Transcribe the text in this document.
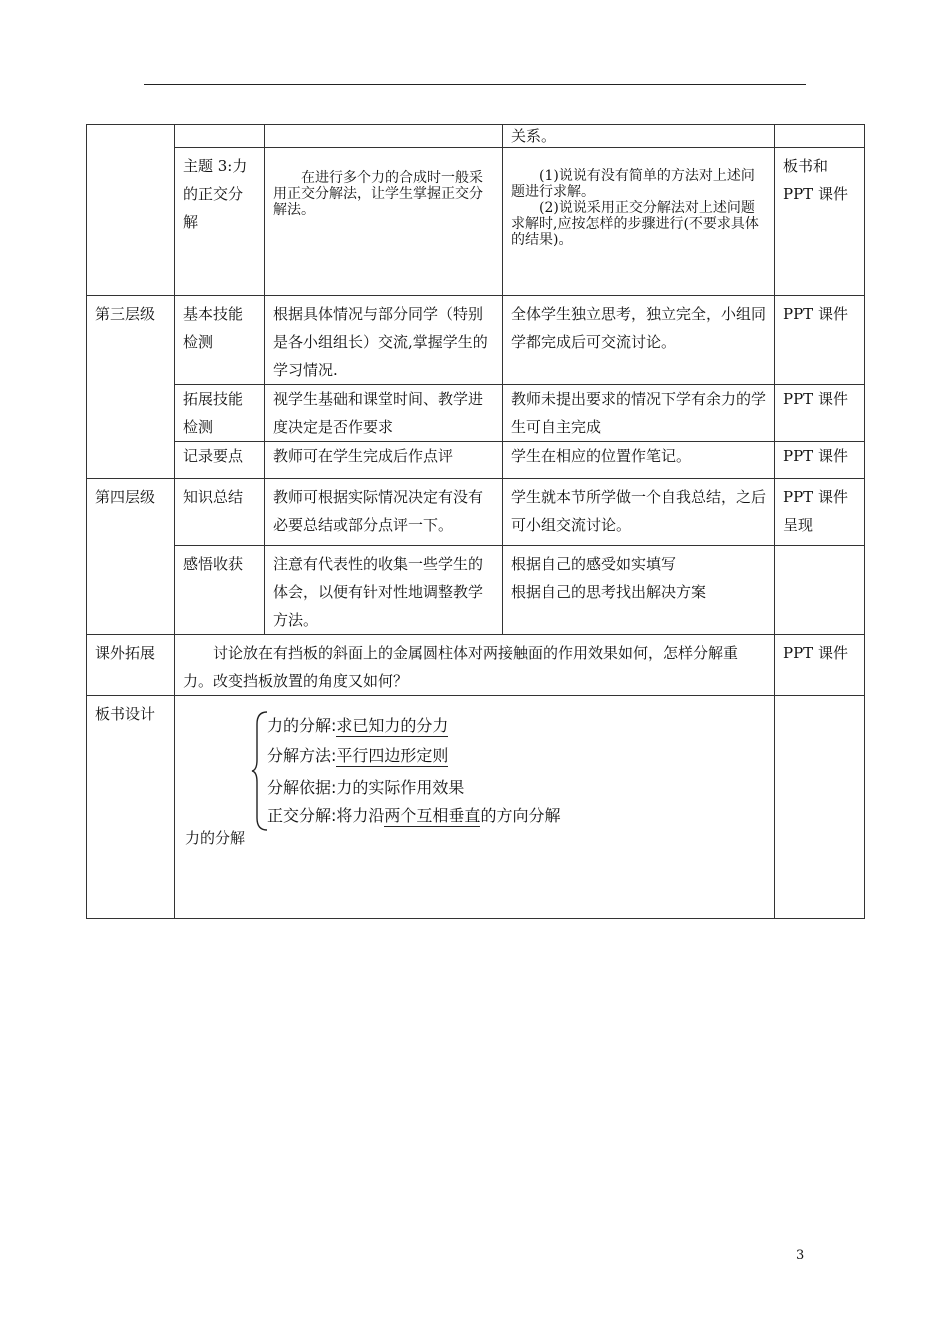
			关系。	
	主题 3:力的正交分解	在进行多个力的合成时一般采用正交分解法，让学生掌握正交分解法。	(1)说说有没有简单的方法对上述问题进行求解。
(2)说说采用正交分解法对上述问题求解时,应按怎样的步骤进行(不要求具体的结果)。	板书和 PPT 课件
第三层级	基本技能检测	根据具体情况与部分同学（特别是各小组组长）交流,掌握学生的学习情况.	全体学生独立思考，独立完全，小组同学都完成后可交流讨论。	PPT 课件
	拓展技能检测	视学生基础和课堂时间、教学进度决定是否作要求	教师未提出要求的情况下学有余力的学生可自主完成	PPT 课件
	记录要点	教师可在学生完成后作点评	学生在相应的位置作笔记。	PPT 课件
第四层级	知识总结	教师可根据实际情况决定有没有必要总结或部分点评一下。	学生就本节所学做一个自我总结，之后可小组交流讨论。	PPT 课件呈现
	感悟收获	注意有代表性的收集一些学生的体会，以便有针对性地调整教学方法。	根据自己的感受如实填写
根据自己的思考找出解决方案	

课外拓展	讨论放在有挡板的斜面上的金属圆柱体对两接触面的作用效果如何，怎样分解重力。改变挡板放置的角度又如何？			PPT 课件
板书设计	力的分解:求已知力的分力
分解方法:平行四边形定则
分解依据:力的实际作用效果
正交分解:将力沿两个互相垂直的方向分解
力的分解			

3
